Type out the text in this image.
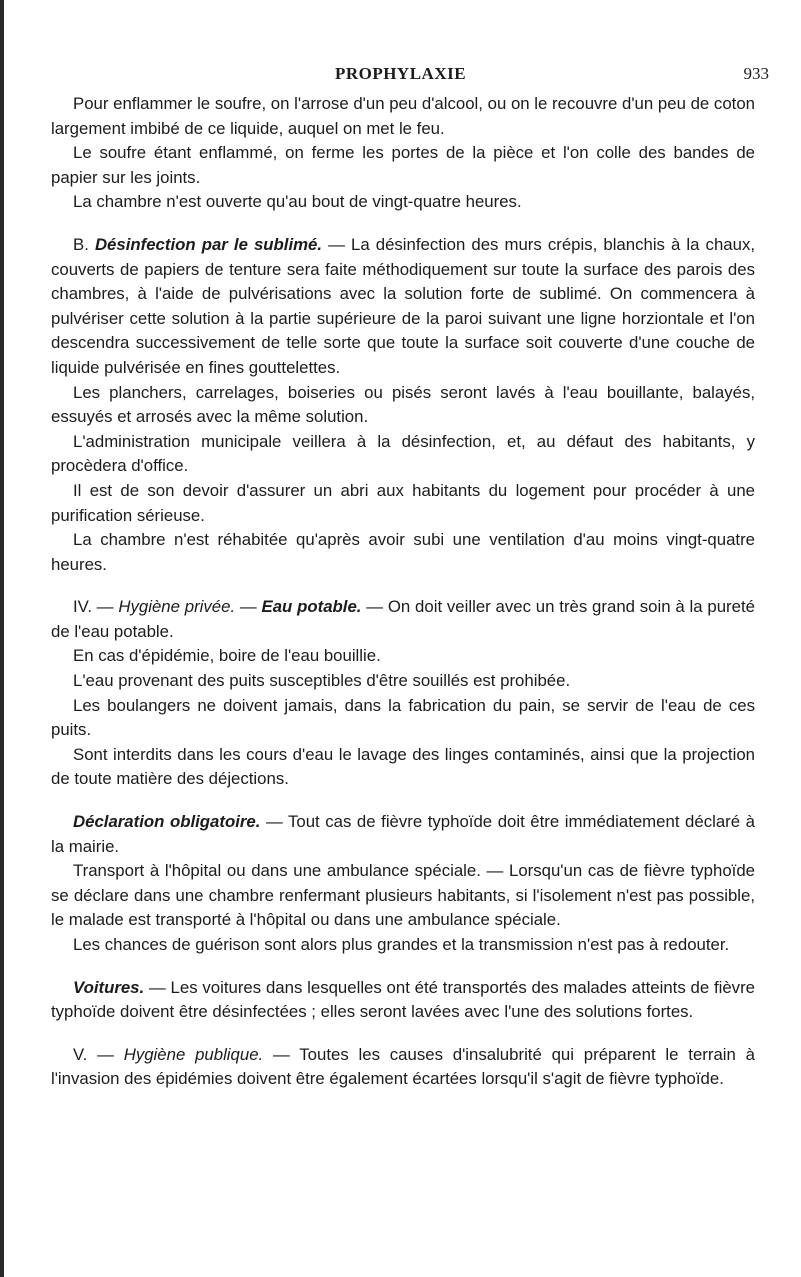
PROPHYLAXIE	933

Pour enflammer le soufre, on l'arrose d'un peu d'alcool, ou on le recouvre d'un peu de coton largement imbibé de ce liquide, auquel on met le feu.

Le soufre étant enflammé, on ferme les portes de la pièce et l'on colle des bandes de papier sur les joints.

La chambre n'est ouverte qu'au bout de vingt-quatre heures.

B. Désinfection par le sublimé. — La désinfection des murs crépis, blanchis à la chaux, couverts de papiers de tenture sera faite méthodiquement sur toute la surface des parois des chambres, à l'aide de pulvérisations avec la solution forte de sublimé. On commencera à pulvériser cette solution à la partie supérieure de la paroi suivant une ligne horziontale et l'on descendra successivement de telle sorte que toute la surface soit couverte d'une couche de liquide pulvérisée en fines gouttelettes.

Les planchers, carrelages, boiseries ou pisés seront lavés à l'eau bouillante, balayés, essuyés et arrosés avec la même solution.

L'administration municipale veillera à la désinfection, et, au défaut des habitants, y procèdera d'office.

Il est de son devoir d'assurer un abri aux habitants du logement pour procéder à une purification sérieuse.

La chambre n'est réhabitée qu'après avoir subi une ventilation d'au moins vingt-quatre heures.

IV. — Hygiène privée. — Eau potable. — On doit veiller avec un très grand soin à la pureté de l'eau potable.

En cas d'épidémie, boire de l'eau bouillie.

L'eau provenant des puits susceptibles d'être souillés est prohibée.

Les boulangers ne doivent jamais, dans la fabrication du pain, se servir de l'eau de ces puits.

Sont interdits dans les cours d'eau le lavage des linges contaminés, ainsi que la projection de toute matière des déjections.

Déclaration obligatoire. — Tout cas de fièvre typhoïde doit être immédiatement déclaré à la mairie.

Transport à l'hôpital ou dans une ambulance spéciale. — Lorsqu'un cas de fièvre typhoïde se déclare dans une chambre renfermant plusieurs habitants, si l'isolement n'est pas possible, le malade est transporté à l'hôpital ou dans une ambulance spéciale.

Les chances de guérison sont alors plus grandes et la transmission n'est pas à redouter.

Voitures. — Les voitures dans lesquelles ont été transportés des malades atteints de fièvre typhoïde doivent être désinfectées ; elles seront lavées avec l'une des solutions fortes.

V. — Hygiène publique. — Toutes les causes d'insalubrité qui préparent le terrain à l'invasion des épidémies doivent être également écartées lorsqu'il s'agit de fièvre typhoïde.
